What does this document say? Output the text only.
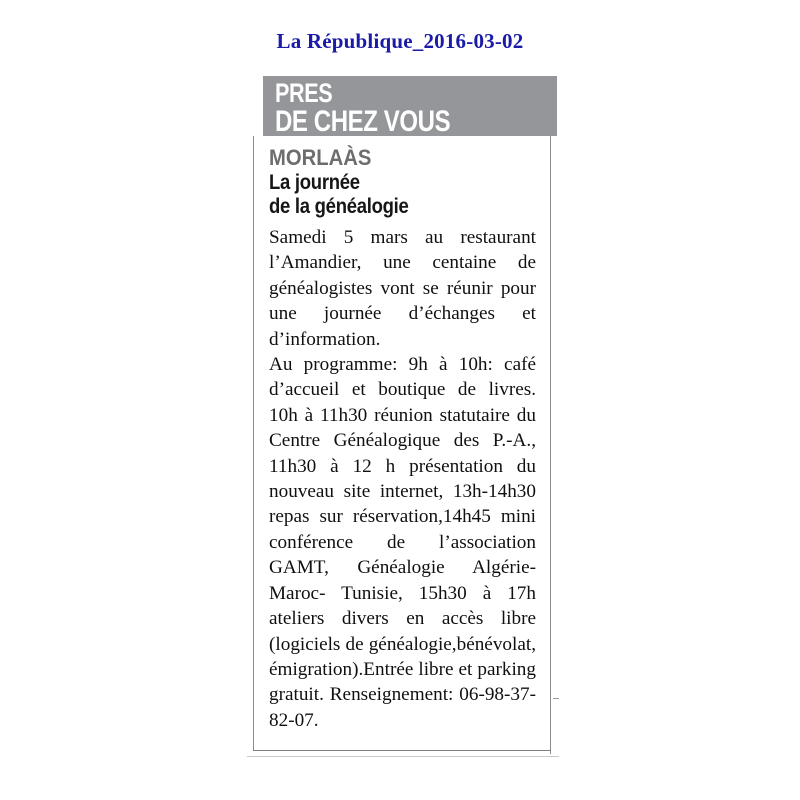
La République_2016-03-02
PRES
DE CHEZ VOUS
MORLAÀS
La journée
de la généalogie

Samedi 5 mars au restaurant l’Amandier, une centaine de généalogistes vont se réunir pour une journée d’échanges et d’information.

Au programme: 9h à 10h: café d’accueil et boutique de livres. 10h à 11h30 réunion statutaire du Centre Généalogique des P.-A., 11h30 à 12 h présentation du nouveau site internet, 13h-14h30 repas sur réservation,14h45 mini conférence de l’association GAMT, Généalogie Algérie-Maroc- Tunisie, 15h30 à 17h ateliers divers en accès libre (logiciels de généalogie,bénévolat, émigration).Entrée libre et parking gratuit. Renseignement: 06-98-37-82-07.
